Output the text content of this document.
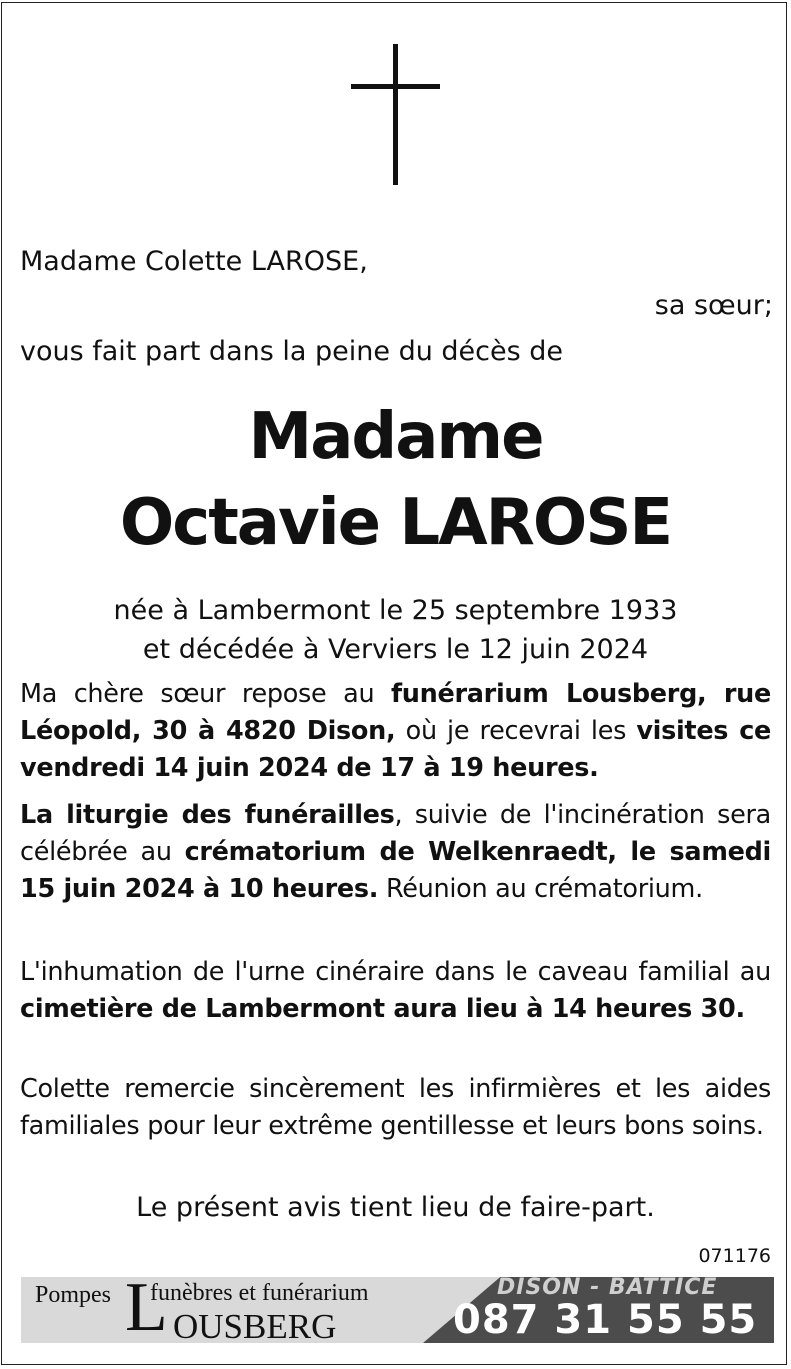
Madame Colette LAROSE,
sa sœur;
vous fait part dans la peine du décès de
Madame
Octavie LAROSE
née à Lambermont le 25 septembre 1933
et décédée à Verviers le 12 juin 2024
Ma chère sœur repose au funérarium Lousberg, rue Léopold, 30 à 4820 Dison, où je recevrai les visites ce vendredi 14 juin 2024 de 17 à 19 heures.
La liturgie des funérailles, suivie de l'incinération sera célébrée au crématorium de Welkenraedt, le samedi 15 juin 2024 à 10 heures. Réunion au crématorium.
L'inhumation de l'urne cinéraire dans le caveau familial au cimetière de Lambermont aura lieu à 14 heures 30.
Colette remercie sincèrement les infirmières et les aides familiales pour leur extrême gentillesse et leurs bons soins.
Le présent avis tient lieu de faire-part.
071176
Pompes funèbres et funérarium
L OUSBERG
DISON - BATTICE
087 31 55 55
